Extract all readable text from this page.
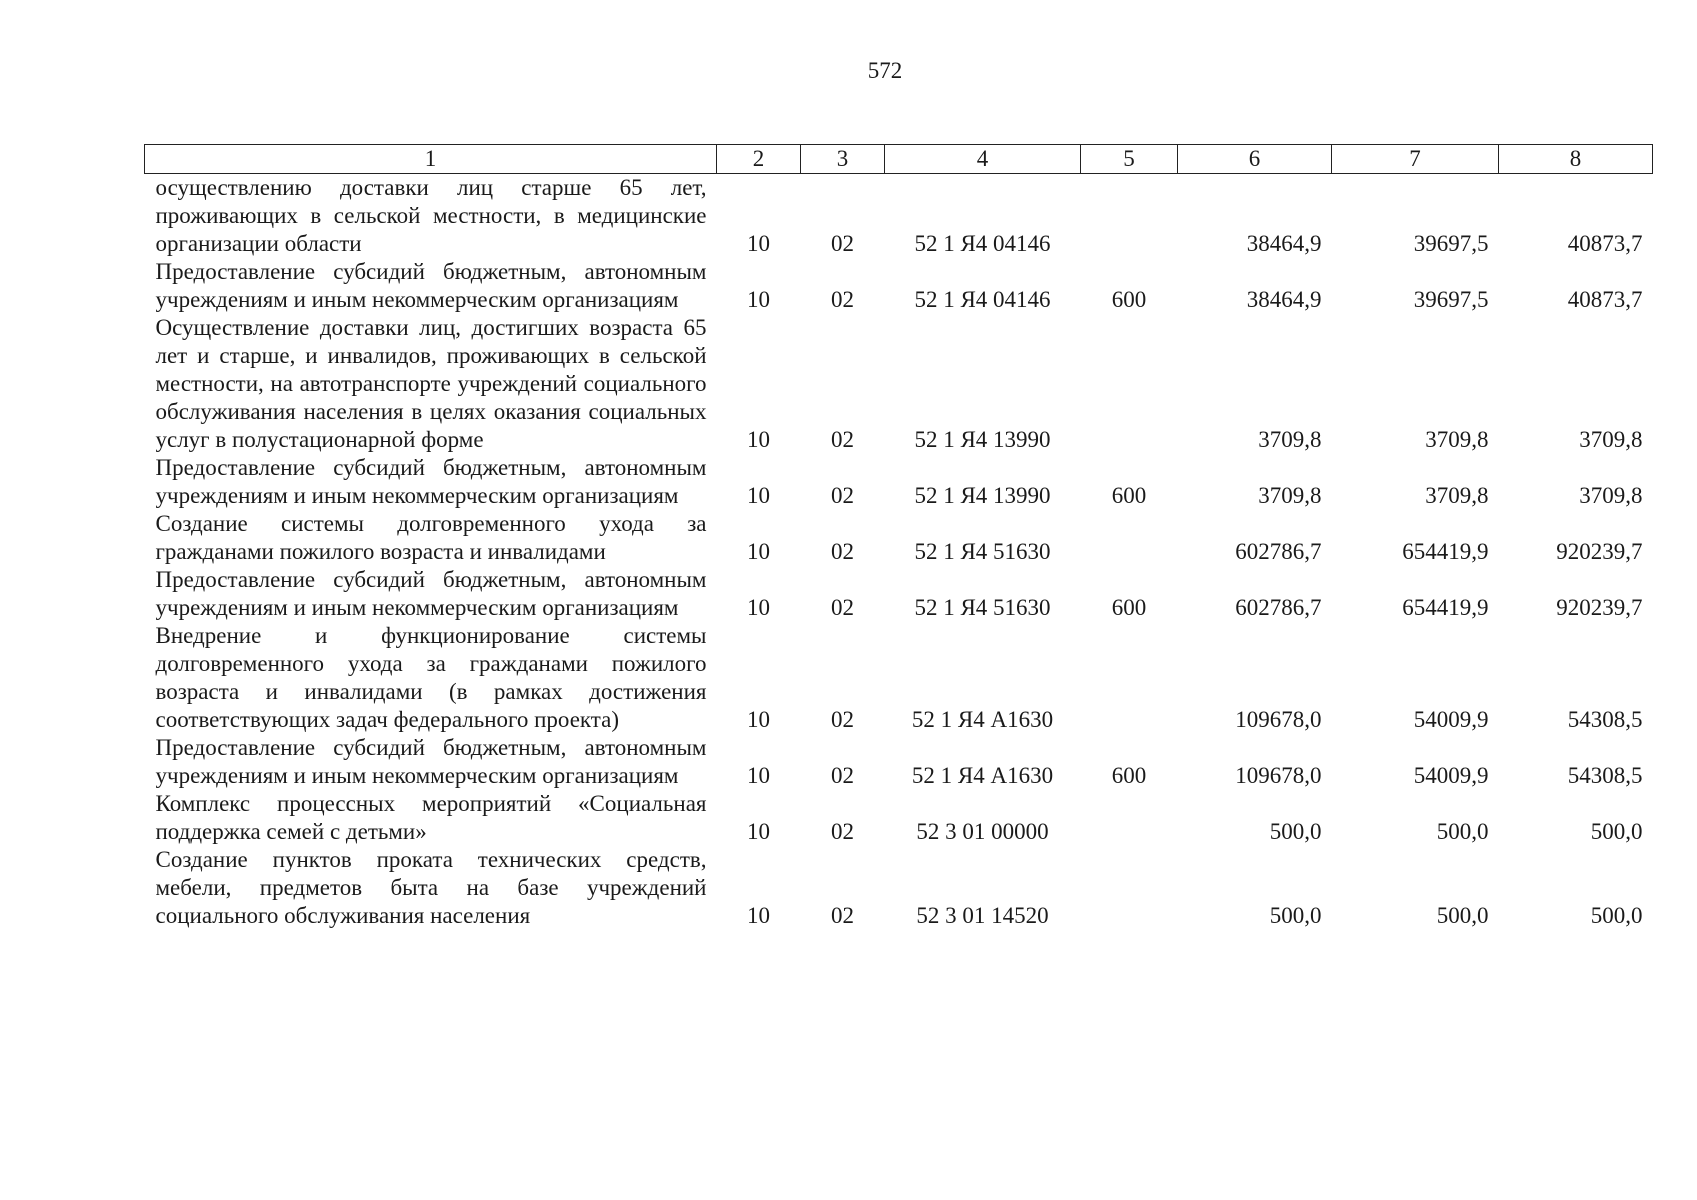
572
1	2	3	4	5	6	7	8
осуществлению доставки лиц старше 65 лет, проживающих в сельской местности, в медицинские организации области	10	02	52 1 Я4 04146		38464,9	39697,5	40873,7
Предоставление субсидий бюджетным, автономным учреждениям и иным некоммерческим организациям	10	02	52 1 Я4 04146	600	38464,9	39697,5	40873,7
Осуществление доставки лиц, достигших возраста 65 лет и старше, и инвалидов, проживающих в сельской местности, на автотранспорте учреждений социального обслуживания населения в целях оказания социальных услуг в полустационарной форме	10	02	52 1 Я4 13990		3709,8	3709,8	3709,8
Предоставление субсидий бюджетным, автономным учреждениям и иным некоммерческим организациям	10	02	52 1 Я4 13990	600	3709,8	3709,8	3709,8
Создание системы долговременного ухода за гражданами пожилого возраста и инвалидами	10	02	52 1 Я4 51630		602786,7	654419,9	920239,7
Предоставление субсидий бюджетным, автономным учреждениям и иным некоммерческим организациям	10	02	52 1 Я4 51630	600	602786,7	654419,9	920239,7
Внедрение и функционирование системы долговременного ухода за гражданами пожилого возраста и инвалидами (в рамках достижения соответствующих задач федерального проекта)	10	02	52 1 Я4 А1630		109678,0	54009,9	54308,5
Предоставление субсидий бюджетным, автономным учреждениям и иным некоммерческим организациям	10	02	52 1 Я4 А1630	600	109678,0	54009,9	54308,5
Комплекс процессных мероприятий «Социальная поддержка семей с детьми»	10	02	52 3 01 00000		500,0	500,0	500,0
Создание пунктов проката технических средств, мебели, предметов быта на базе учреждений социального обслуживания населения	10	02	52 3 01 14520		500,0	500,0	500,0
